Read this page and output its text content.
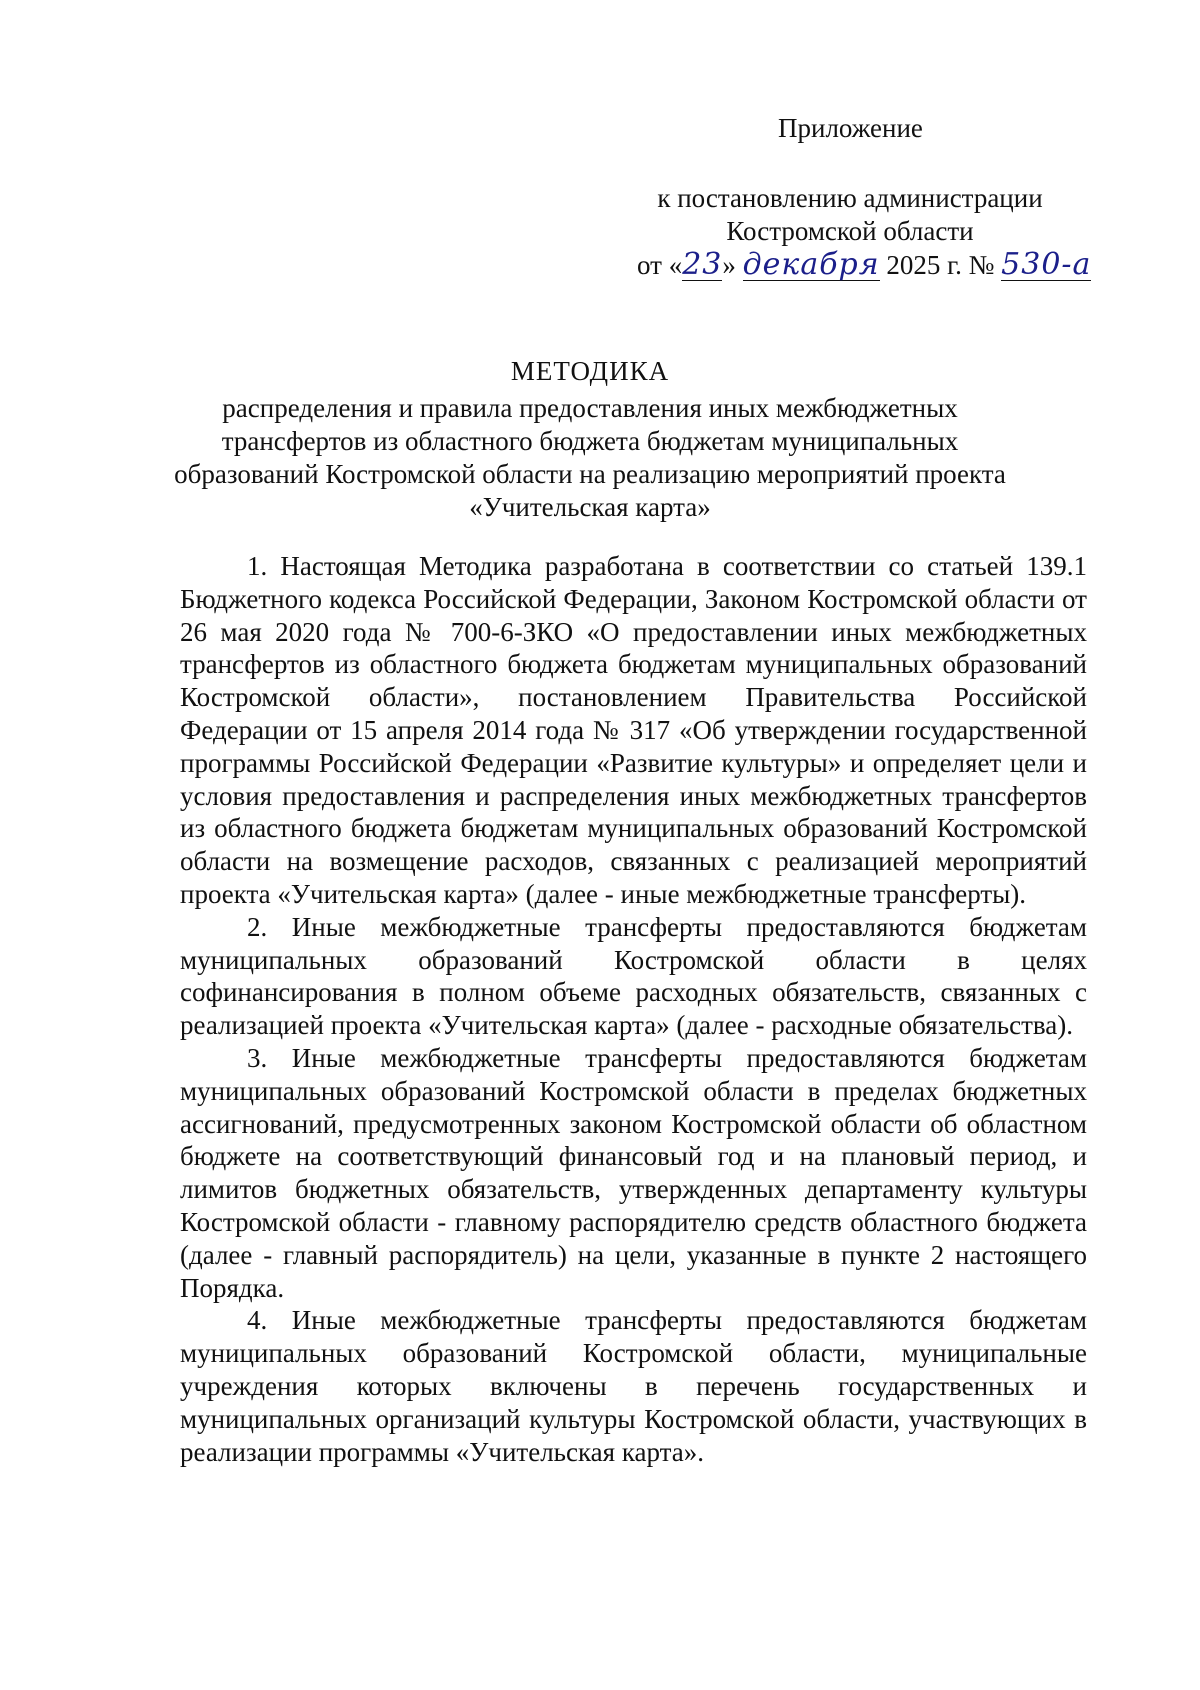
Приложение
к постановлению администрации
Костромской области
от «23» декабря 2025 г. № 530-а
МЕТОДИКА
распределения и правила предоставления иных межбюджетных трансфертов из областного бюджета бюджетам муниципальных образований Костромской области на реализацию мероприятий проекта «Учительская карта»

1. Настоящая Методика разработана в соответствии со статьей 139.1 Бюджетного кодекса Российской Федерации, Законом Костромской области от 26 мая 2020 года № 700-6-ЗКО «О предоставлении иных межбюджетных трансфертов из областного бюджета бюджетам муниципальных образований Костромской области», постановлением Правительства Российской Федерации от 15 апреля 2014 года № 317 «Об утверждении государственной программы Российской Федерации «Развитие культуры» и определяет цели и условия предоставления и распределения иных межбюджетных трансфертов из областного бюджета бюджетам муниципальных образований Костромской области на возмещение расходов, связанных с реализацией мероприятий проекта «Учительская карта» (далее - иные межбюджетные трансферты).

2. Иные межбюджетные трансферты предоставляются бюджетам муниципальных образований Костромской области в целях софинансирования в полном объеме расходных обязательств, связанных с реализацией проекта «Учительская карта» (далее - расходные обязательства).

3. Иные межбюджетные трансферты предоставляются бюджетам муниципальных образований Костромской области в пределах бюджетных ассигнований, предусмотренных законом Костромской области об областном бюджете на соответствующий финансовый год и на плановый период, и лимитов бюджетных обязательств, утвержденных департаменту культуры Костромской области - главному распорядителю средств областного бюджета (далее - главный распорядитель) на цели, указанные в пункте 2 настоящего Порядка.

4. Иные межбюджетные трансферты предоставляются бюджетам муниципальных образований Костромской области, муниципальные учреждения которых включены в перечень государственных и муниципальных организаций культуры Костромской области, участвующих в реализации программы «Учительская карта».
